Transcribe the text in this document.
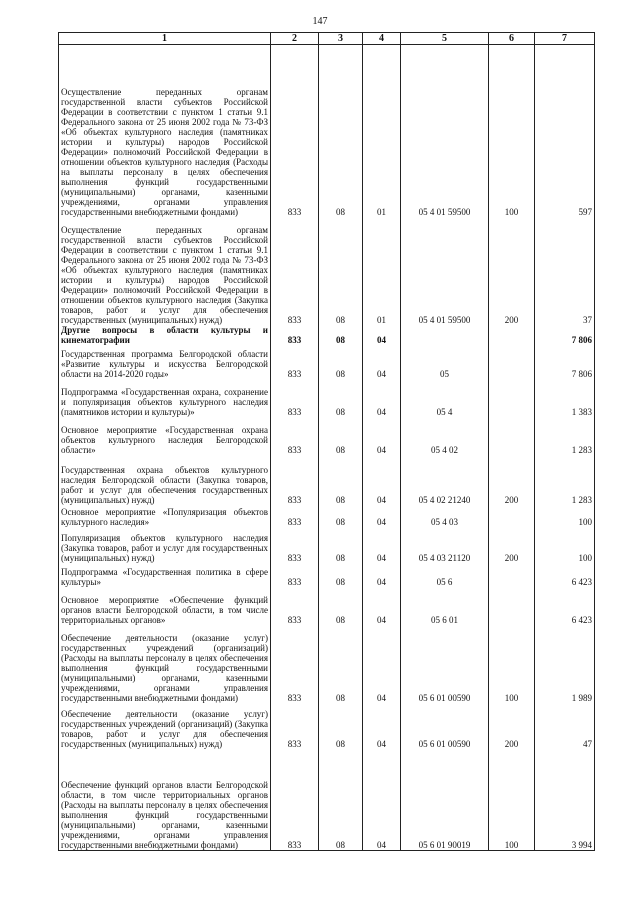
147
1	2	3	4	5	6	7
Осуществление переданных органам государственной власти субъектов Российской Федерации в соответствии с пунктом 1 статьи 9.1 Федерального закона от 25 июня 2002 года № 73-ФЗ «Об объектах культурного наследия (памятниках истории и культуры) народов Российской Федерации» полномочий Российской Федерации в отношении объектов культурного наследия (Расходы на выплаты персоналу в целях обеспечения выполнения функций государственными (муниципальными) органами, казенными учреждениями, органами управления государственными внебюджетными фондами)	833	08	01	05 4 01 59500	100	597
Осуществление переданных органам государственной власти субъектов Российской Федерации в соответствии с пунктом 1 статьи 9.1 Федерального закона от 25 июня 2002 года № 73-ФЗ «Об объектах культурного наследия (памятниках истории и культуры) народов Российской Федерации» полномочий Российской Федерации в отношении объектов культурного наследия (Закупка товаров, работ и услуг для обеспечения государственных (муниципальных) нужд)	833	08	01	05 4 01 59500	200	37
Другие вопросы в области культуры и кинематографии	833	08	04			7 806
Государственная программа Белгородской области «Развитие культуры и искусства Белгородской области на 2014-2020 годы»	833	08	04	05		7 806
Подпрограмма «Государственная охрана, сохранение и популяризация объектов культурного наследия (памятников истории и культуры)»	833	08	04	05 4		1 383
Основное мероприятие «Государственная охрана объектов культурного наследия Белгородской области»	833	08	04	05 4 02		1 283
Государственная охрана объектов культурного наследия Белгородской области (Закупка товаров, работ и услуг для обеспечения государственных (муниципальных) нужд)	833	08	04	05 4 02 21240	200	1 283
Основное мероприятие «Популяризация объектов культурного наследия»	833	08	04	05 4 03		100
Популяризация объектов культурного наследия (Закупка товаров, работ и услуг для государственных (муниципальных) нужд)	833	08	04	05 4 03 21120	200	100
Подпрограмма «Государственная политика в сфере культуры»	833	08	04	05 6		6 423
Основное мероприятие «Обеспечение функций органов власти Белгородской области, в том числе территориальных органов»	833	08	04	05 6 01		6 423
Обеспечение деятельности (оказание услуг) государственных учреждений (организаций) (Расходы на выплаты персоналу в целях обеспечения выполнения функций государственными (муниципальными) органами, казенными учреждениями, органами управления государственными внебюджетными фондами)	833	08	04	05 6 01 00590	100	1 989
Обеспечение деятельности (оказание услуг) государственных учреждений (организаций) (Закупка товаров, работ и услуг для обеспечения государственных (муниципальных) нужд)	833	08	04	05 6 01 00590	200	47
Обеспечение функций органов власти Белгородской области, в том числе территориальных органов (Расходы на выплаты персоналу в целях обеспечения выполнения функций государственными (муниципальными) органами, казенными учреждениями, органами управления государственными внебюджетными фондами)	833	08	04	05 6 01 90019	100	3 994
